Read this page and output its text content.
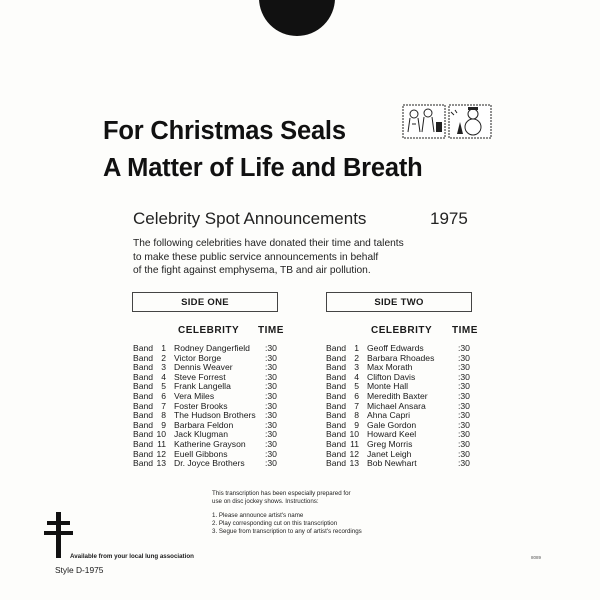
For Christmas Seals
A Matter of Life and Breath
Celebrity Spot Announcements	1975
The following celebrities have donated their time and talents
to make these public service announcements in behalf
of the fight against emphysema, TB and air pollution.
SIDE ONE	SIDE TWO
CELEBRITY TIME	CELEBRITY TIME
Band 1 Rodney Dangerfield :30
Band 2 Victor Borge	:30
Band 3 Dennis Weaver	:30
Band 4 Steve Forrest	:30
Band 5 Frank Langella	:30
Band 6 Vera Miles	:30
Band 7 Foster Brooks	:30
Band 8 The Hudson Brothers :30
Band 9 Barbara Feldon	:30
Band 10 Jack Klugman	:30
Band 11 Katherine Grayson :30
Band 12 Euell Gibbons	:30
Band 13 Dr. Joyce Brothers :30
Band 1 Geoff Edwards	:30
Band 2 Barbara Rhoades	:30
Band 3 Max Morath	:30
Band 4 Clifton Davis	:30
Band 5 Monte Hall	:30
Band 6 Meredith Baxter	:30
Band 7 Michael Ansara	:30
Band 8 Ahna Capri	:30
Band 9 Gale Gordon	:30
Band 10 Howard Keel	:30
Band 11 Greg Morris	:30
Band 12 Janet Leigh	:30
Band 13 Bob Newhart	:30
This transcription has been especially prepared for
use on disc jockey shows. Instructions:
1. Please announce artist's name
2. Play corresponding cut on this transcription
3. Segue from transcription to any of artist's recordings
Available from your local lung association
Style D-1975
8089
